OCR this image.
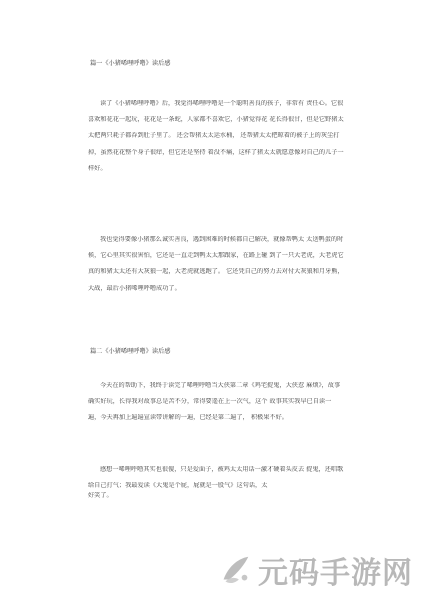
篇一《小猪唏哩呼噜》读后感
读了《小猪唏哩呼噜》后，我觉得唏哩呼噜是一个聪明善良的孩子，非常有 责任心。它很
喜欢和花花一起玩，花花是一条蛇，人家都不喜欢它，小猪觉得花 花长得很甘，但是它野猪太
太把两只耗子都吞到肚子里了。 还会帮猪太太运水桶， 还帮猪太太把晾着的被子上的灰尘打
掉，虽然花花整个身子很痒，但它还是坚持 着没不痛，这样了猪太太就愿意像对自己的儿子一
样好。
我也觉得要像小猪那么诚实善良，遇到困难的时候都自己解决，就像帮鸭太 太送鸭蛋的时
候，它心里其实很害怕，它还是一直走到鸭太太那跟家，在路上碰 到了一只大老虎，大老虎它
真的和猪太太还有大灰狼一起，大老虎就逃跑了。 它还凭自己的努力去对付大灰狼和月牙熊，
大战，最后小猪唏哩呼噜成功了。
篇二《小猪唏哩呼噜》读后感
今天在的帮助下，我终于读完了唏哩呼噜当大侠第二章《鸡宅捉鬼，大侠惹 麻烦》，故事
确实好玩，长得我对故事总是苦不分，常得要遥在上一次气，这个 故事其实我早已自读一
遍，今天再加上遍遍宣读带讲解的一遍，已经是第二遍了， 积极果不好。
感想一唏哩呼噜其实也很傻，只是爱面子，被鸡太太用话一激才硬着头皮去 捉鬼，还唱歌
给自己打气；我最爱读《大鬼是个屁，屁就是一股气》这句话，太
好笑了。
元码手游网
